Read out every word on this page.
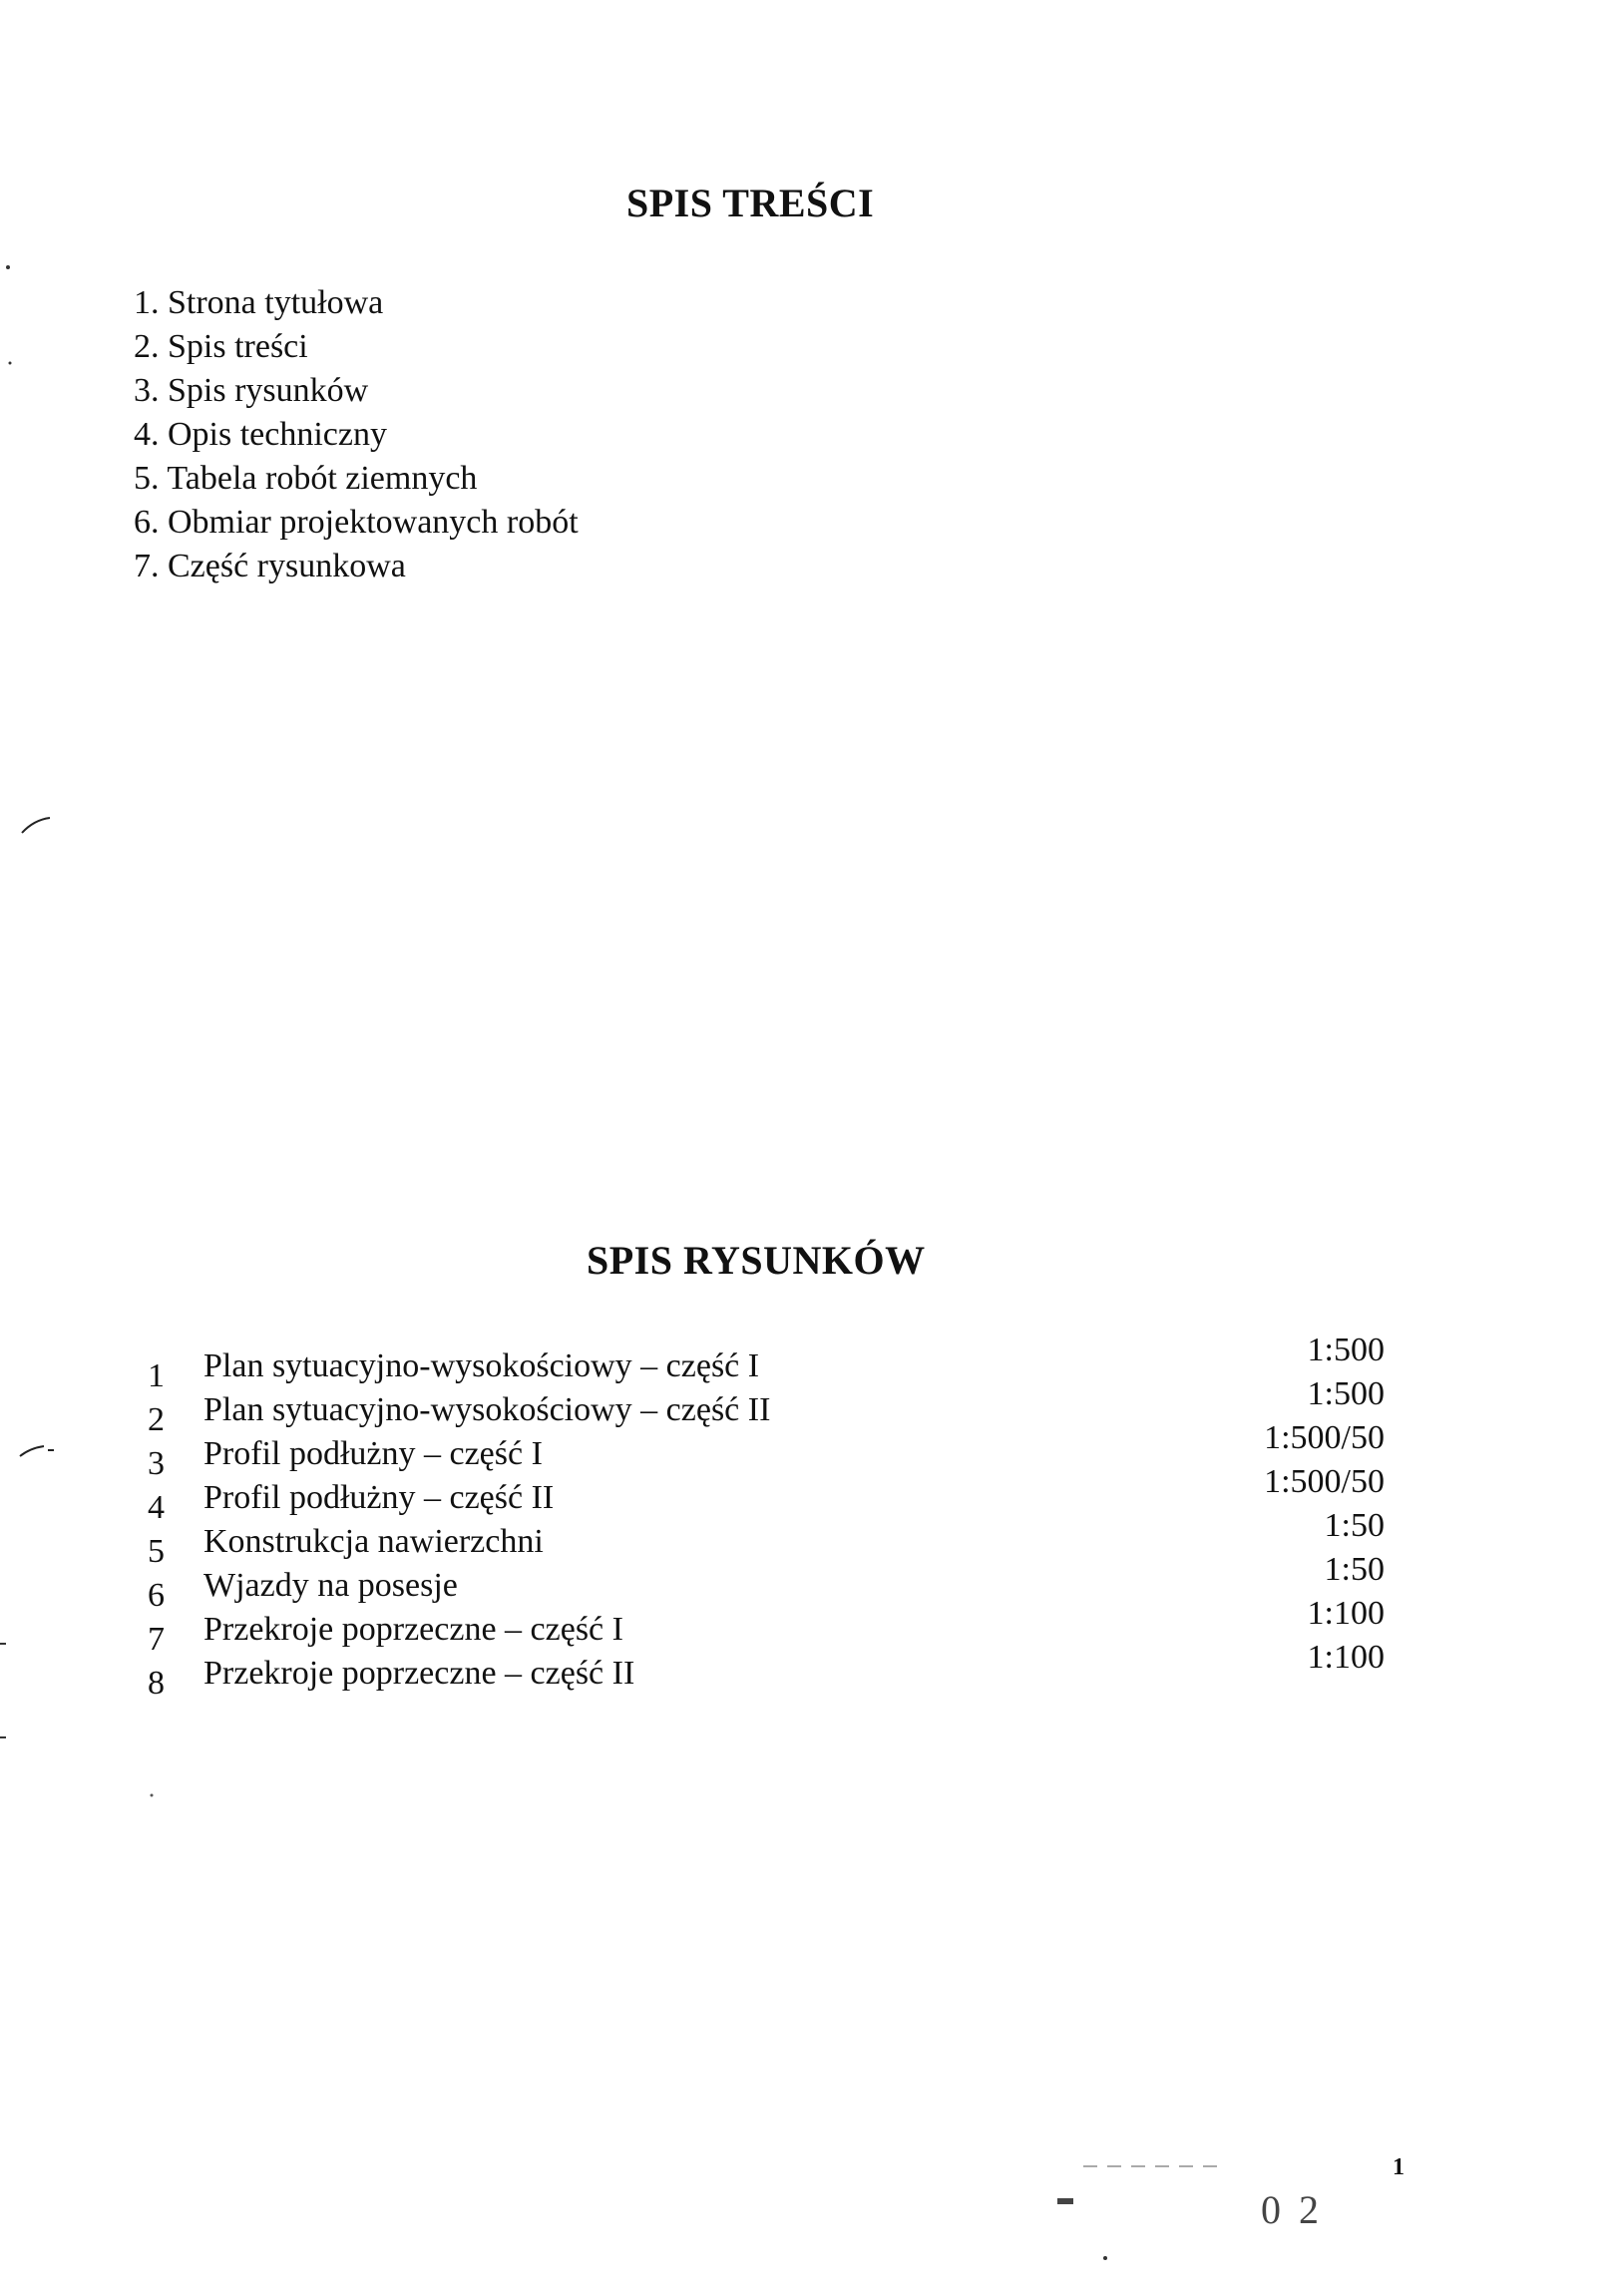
SPIS TREŚCI
1. Strona tytułowa
2. Spis treści
3. Spis rysunków
4. Opis techniczny
5. Tabela robót ziemnych
6. Obmiar projektowanych robót
7. Część rysunkowa
SPIS RYSUNKÓW
1	Plan sytuacyjno-wysokościowy – część I	1:500
2	Plan sytuacyjno-wysokościowy – część II	1:500
3	Profil podłużny – część I	1:500/50
4	Profil podłużny – część II	1:500/50
5	Konstrukcja nawierzchni	1:50
6	Wjazdy na posesje	1:50
7	Przekroje poprzeczne – część I	1:100
8	Przekroje poprzeczne – część II	1:100
1
0 2
